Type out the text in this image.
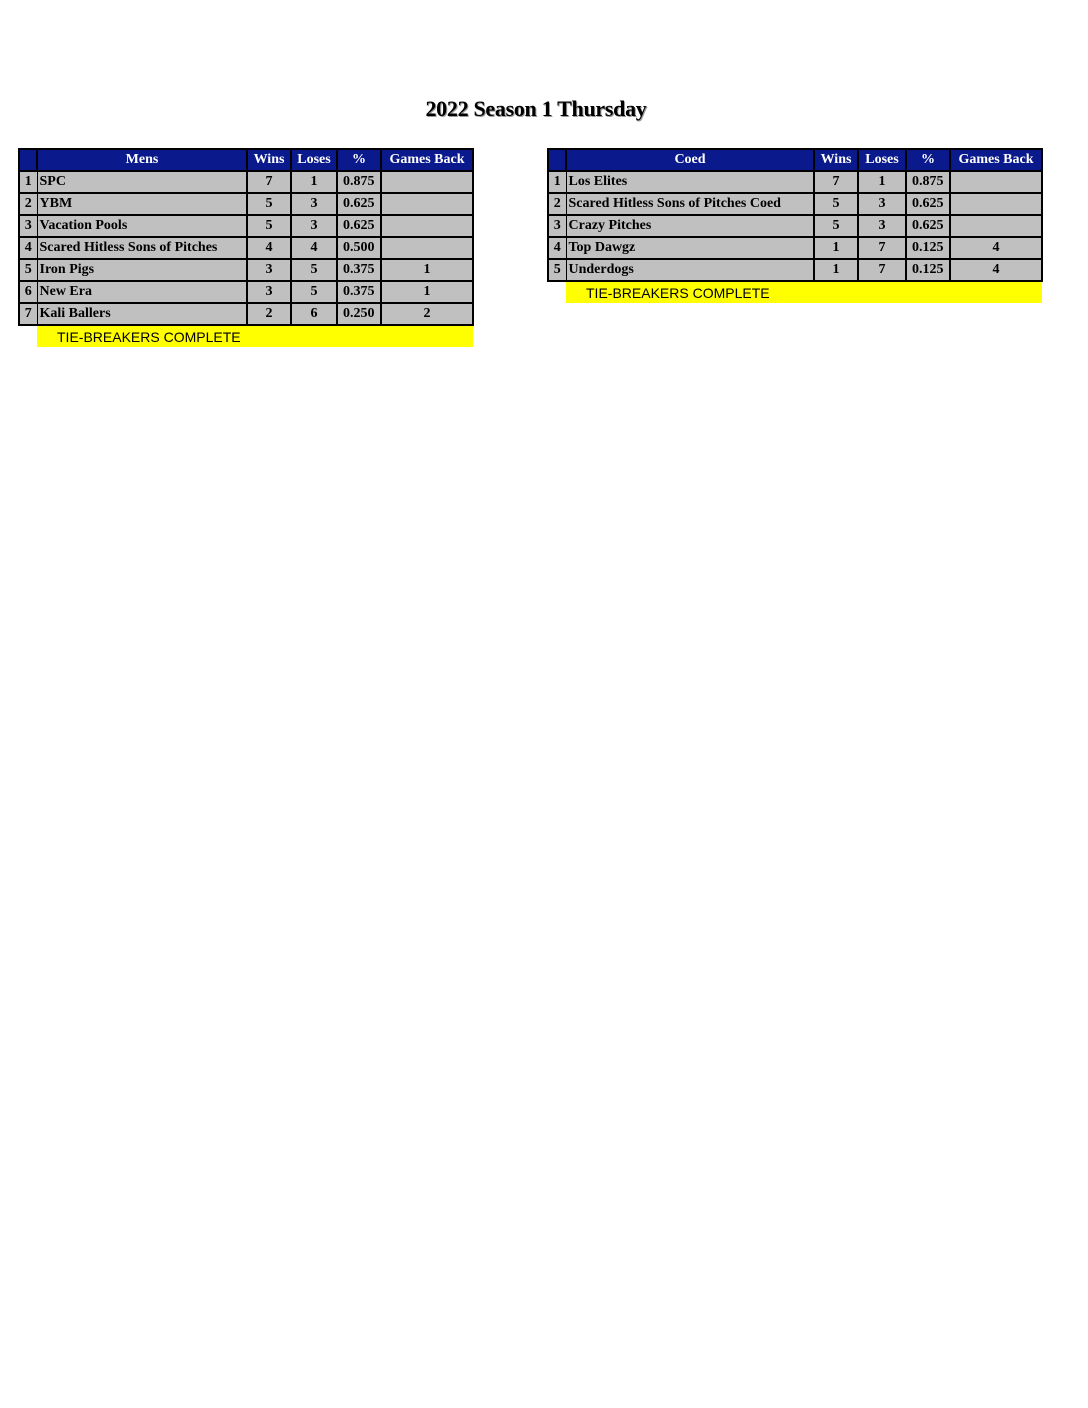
2022 Season 1 Thursday
	Mens	Wins	Loses	%	Games Back
1	SPC	7	1	0.875	
2	YBM	5	3	0.625	
3	Vacation Pools	5	3	0.625	
4	Scared Hitless Sons of Pitches	4	4	0.500	
5	Iron Pigs	3	5	0.375	1
6	New Era	3	5	0.375	1
7	Kali Ballers	2	6	0.250	2
	TIE-BREAKERS COMPLETE				
	Coed	Wins	Loses	%	Games Back
1	Los Elites	7	1	0.875	
2	Scared Hitless Sons of Pitches Coed	5	3	0.625	
3	Crazy Pitches	5	3	0.625	
4	Top Dawgz	1	7	0.125	4
5	Underdogs	1	7	0.125	4
	TIE-BREAKERS COMPLETE				
